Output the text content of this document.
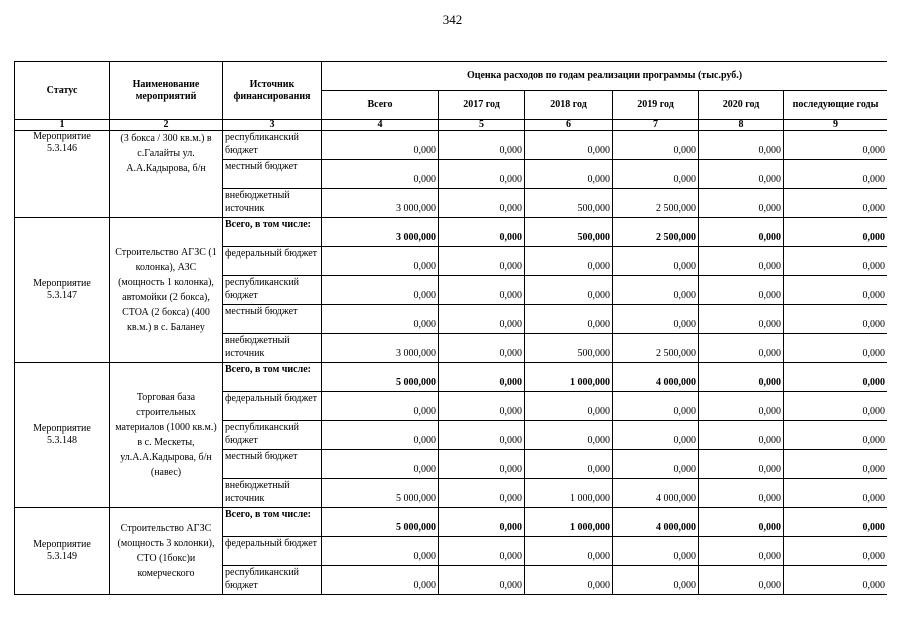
342
Статус	Наименование мероприятий	Источник финансирования	Оценка расходов по годам реализации программы (тыс.руб.)					
			Всего	2017 год	2018 год	2019 год	2020 год	последующие годы
1	2	3	4	5	6	7	8	9
Мероприятие 5.3.146	(3 бокса / 300 кв.м.) в с.Галайты ул. А.А.Кадырова, б/н	республиканский бюджет	0,000	0,000	0,000	0,000	0,000	0,000
		местный бюджет	0,000	0,000	0,000	0,000	0,000	0,000
		внебюджетный источник	3 000,000	0,000	500,000	2 500,000	0,000	0,000
Мероприятие 5.3.147	Строительство АГЗС (1 колонка), АЗС (мощность 1 колонка), автомойки (2 бокса), СТОА (2 бокса) (400 кв.м.) в с. Баланey	Всего, в том числе:	3 000,000	0,000	500,000	2 500,000	0,000	0,000
		федеральный бюджет	0,000	0,000	0,000	0,000	0,000	0,000
		республиканский бюджет	0,000	0,000	0,000	0,000	0,000	0,000
		местный бюджет	0,000	0,000	0,000	0,000	0,000	0,000
		внебюджетный источник	3 000,000	0,000	500,000	2 500,000	0,000	0,000
Мероприятие 5.3.148	Торговая база строительных материалов (1000 кв.м.) в с. Мескеты, ул.А.А.Кадырова, б/н (навес)	Всего, в том числе:	5 000,000	0,000	1 000,000	4 000,000	0,000	0,000
		федеральный бюджет	0,000	0,000	0,000	0,000	0,000	0,000
		республиканский бюджет	0,000	0,000	0,000	0,000	0,000	0,000
		местный бюджет	0,000	0,000	0,000	0,000	0,000	0,000
		внебюджетный источник	5 000,000	0,000	1 000,000	4 000,000	0,000	0,000
Мероприятие 5.3.149	Строительство АГЗС (мощность 3 колонки), СТО (1бокс)и комерческого	Всего, в том числе:	5 000,000	0,000	1 000,000	4 000,000	0,000	0,000
		федеральный бюджет	0,000	0,000	0,000	0,000	0,000	0,000
		республиканский бюджет	0,000	0,000	0,000	0,000	0,000	0,000
